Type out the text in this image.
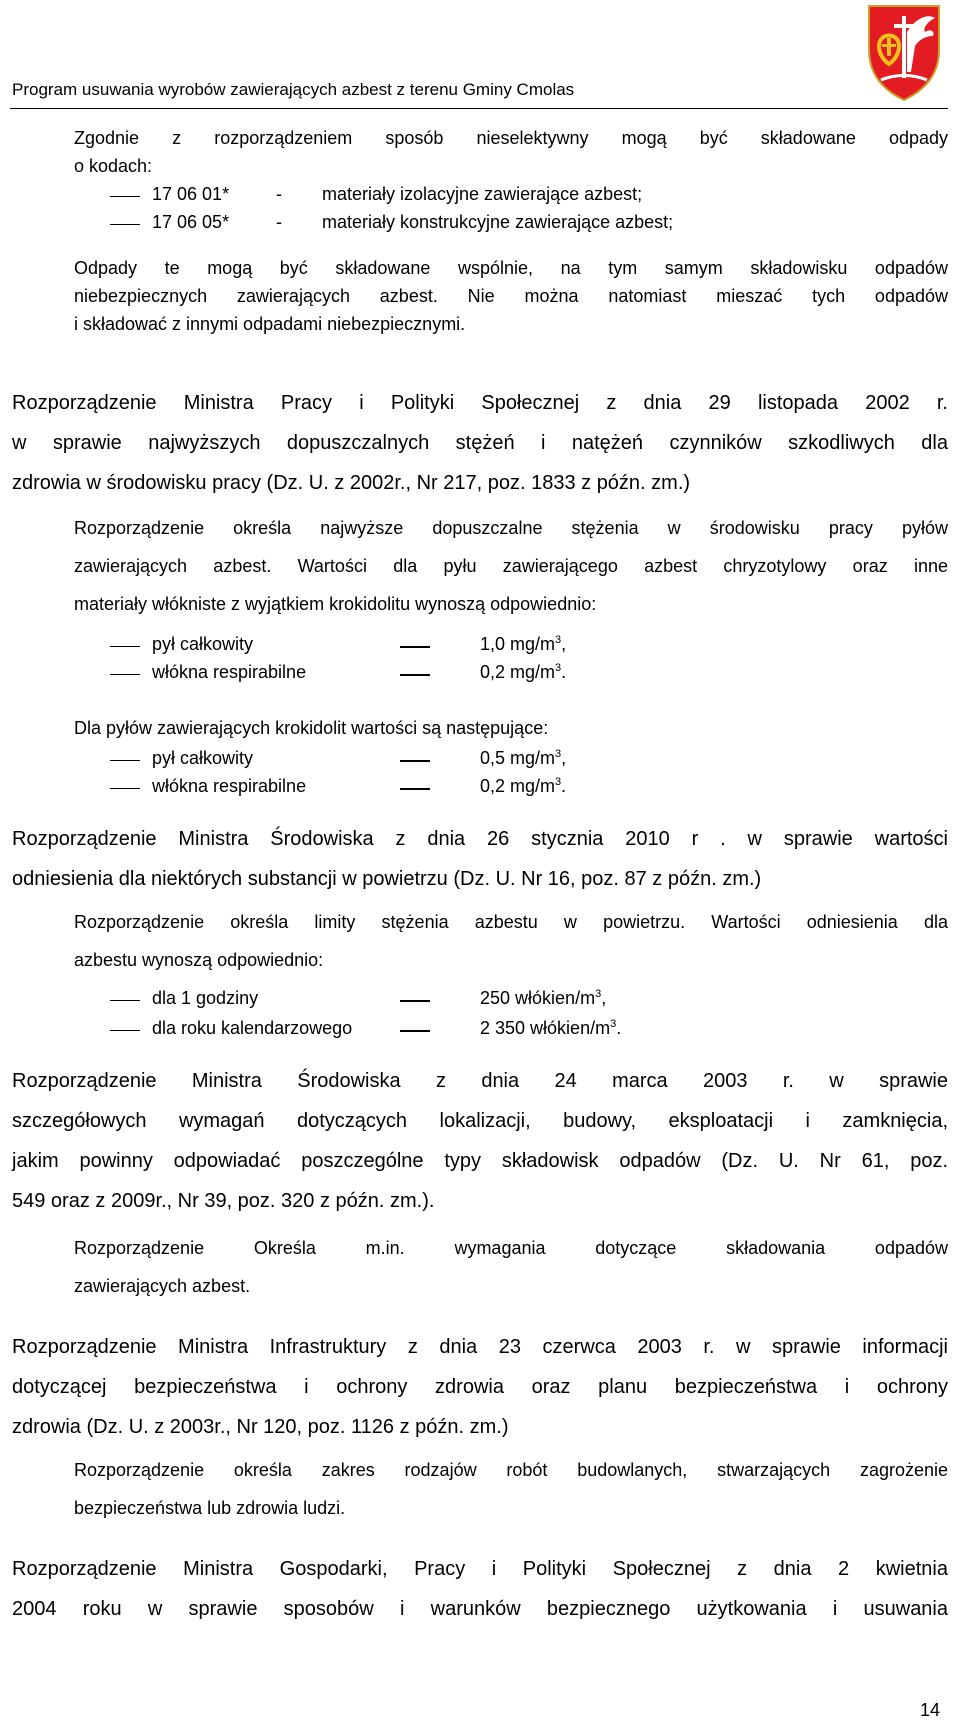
Program usuwania wyrobów zawierających azbest z terenu Gminy Cmolas
Zgodnie z rozporządzeniem sposób nieselektywny mogą być składowane odpady
o kodach:
17 06 01*	- materiały izolacyjne zawierające azbest;
17 06 05*	- materiały konstrukcyjne zawierające azbest;
Odpady te mogą być składowane wspólnie, na tym samym składowisku odpadów
niebezpiecznych zawierających azbest. Nie można natomiast mieszać tych odpadów
i składować z innymi odpadami niebezpiecznymi.
Rozporządzenie Ministra Pracy i Polityki Społecznej z dnia 29 listopada 2002 r.
w sprawie najwyższych dopuszczalnych stężeń i natężeń czynników szkodliwych dla
zdrowia w środowisku pracy (Dz. U. z 2002r., Nr 217, poz. 1833 z późn. zm.)
Rozporządzenie określa najwyższe dopuszczalne stężenia w środowisku pracy pyłów
zawierających azbest. Wartości dla pyłu zawierającego azbest chryzotylowy oraz inne
materiały włókniste z wyjątkiem krokidolitu wynoszą odpowiednio:
pył całkowity	1,0 $mg/m^3$,
włókna respirabilne	0,2 $mg/m^3$.
Dla pyłów zawierających krokidolit wartości są następujące:
pył całkowity	0,5 $mg/m^3$,
włókna respirabilne	0,2 $mg/m^3$.
Rozporządzenie Ministra Środowiska z dnia 26 stycznia 2010 r . w sprawie wartości
odniesienia dla niektórych substancji w powietrzu (Dz. U. Nr 16, poz. 87 z późn. zm.)
Rozporządzenie określa limity stężenia azbestu w powietrzu. Wartości odniesienia dla
azbestu wynoszą odpowiednio:
dla 1 godziny	250 włókien/$m^3$,
dla roku kalendarzowego	2 350 włókien/$m^3$.
Rozporządzenie Ministra Środowiska z dnia 24 marca 2003 r. w sprawie
szczegółowych wymagań dotyczących lokalizacji, budowy, eksploatacji i zamknięcia,
jakim powinny odpowiadać poszczególne typy składowisk odpadów (Dz. U. Nr 61, poz.
549 oraz z 2009r., Nr 39, poz. 320 z późn. zm.).
Rozporządzenie Określa m.in. wymagania dotyczące składowania odpadów
zawierających azbest.
Rozporządzenie Ministra Infrastruktury z dnia 23 czerwca 2003 r. w sprawie informacji
dotyczącej bezpieczeństwa i ochrony zdrowia oraz planu bezpieczeństwa i ochrony
zdrowia (Dz. U. z 2003r., Nr 120, poz. 1126 z późn. zm.)
Rozporządzenie określa zakres rodzajów robót budowlanych, stwarzających zagrożenie
bezpieczeństwa lub zdrowia ludzi.
Rozporządzenie Ministra Gospodarki, Pracy i Polityki Społecznej z dnia 2 kwietnia
2004 roku w sprawie sposobów i warunków bezpiecznego użytkowania i usuwania
14
